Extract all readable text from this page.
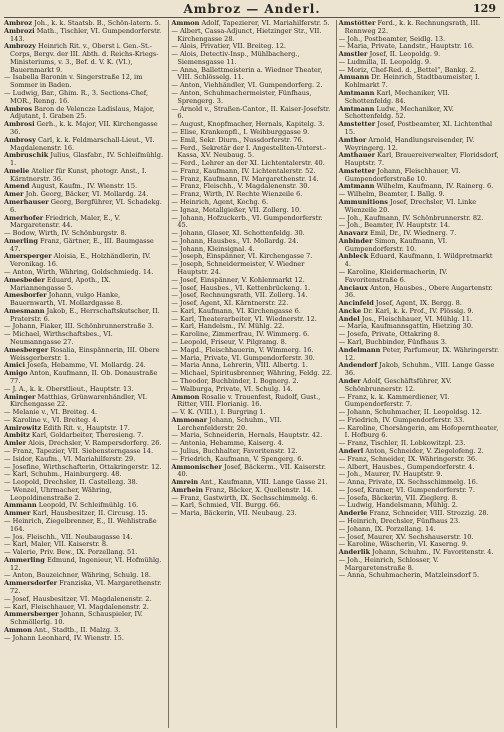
Ambroz — Anderl.	129

Ambroz Joh., k. k. Staatsb. B., Schön-latern. 5.

Ambrozi Math., Tischler, VI. Gumpendorferstr. 143.

Ambrozy Heinrich Rit. v., Oberst i. Gen.-St.-Corps, Bergv. der III. Abth. d. Reichs-Kriegs-Ministeriums, v. 3., Bef. d. V. K. (VI.), Bauernmarkt 9.

— Isabella Baronin v. Singerstraße 12, im Sommer in Baden.

— Ludwig, Bar., Ghim. R., 3. Sections-Chef, MOR., Renng. 16.

Ambros Baron de Velencze Ladislaus, Major, Adjutant, I. Graben 25.

Ambrosi Gerh., k. k. Major, VII. Kirchengasse 36.

Ambrosy Carl, k. k. Feldmarschall-Lieut., VI. Magdalenenstr. 16.

Ambruschik Julius, Glasfabr., IV. Schleifmühlg. 1.

Amelie Atelier für Kunst, photogr. Anst., I. Kärntnerstr. 36.

Amend August, Kaufm., IV. Wienstr. 15.

Amer Joh. Georg, Bäcker, VI. Mollardg. 24.

Amerhauser Georg, Bergführer, VI. Schadekg. 6.

Amerhofer Friedrich, Maler, E., V. Margaretenstr. 44.

— Bodow, Wirth, IV. Schönburgstr. 8.

Amerling Franz, Gärtner, E., III. Baumgasse 47.

Amersperger Aloisia, E., Holzhändlerin, IV. Veronikag. 16.

— Anton, Wirth, Währing, Goldschmiedg. 14.

Amesbeder Eduard, Apoth., IX. Mariannengasse 5.

Amesborfer Johann, vulgo Hanke, Bauernwarth, VI. Mollardgasse 8.

Amesmann Jakob, E., Herrschaftskutscher, II. Praterstr. 6.

— Johann, Fiaker, III. Schönbrunnerstraße 3.

— Michael, Wirthschaftsbes., VI. Neumanngasse 27.

Amesberger Rosalia, Einspännerin, III. Obere Weissgerberstr. 1.

Amici Josefa, Hebamme, VI. Mollardg. 24.

Amigo Anton, Kaufmann, II. Ob. Donaustraße 77.

— J. A., k. k. Oberstlieut., Hauptstr. 13.

Aminger Matthias, Grünwarenhändler, VI. Kirchengasse 22.

— Melanie v., VI. Breiteg. 4.

— Karoline v., VI. Breiteg. 4.

Amirowitz Edith Rit. v., Hauptstr. 17.

Ambitz Karl, Goldarbeiter, Theresieng. 7.

Amler Alois, Drechsler, V. Rampersdorferg. 26.

— Franz, Tapezier, VII. Siebensterngasse 14.

— Isidor, Kaufm., VI. Mariahilferstr. 29.

— Josefine, Wirthschafterin, Ottakringerstr. 12.

— Karl, Schuhm., Hainburgerg. 48.

— Leopold, Drechsler, II. Castellezg. 38.

— Wenzel, Uhrmacher, Währing, Leopoldinenstraße 2.

Ammann Leopold, IV. Schleifmühlg. 16.

Ammer Karl, Hausbesitzer, II. Circusg. 15.

— Heinrich, Ziegelbrenner, E., II. Wehlistraße 164.

— Jos. Fleischh., VII. Neubaugasse 14.

— Karl, Maler, VII. Kaiserstr. 8.

— Valerie, Priv. Bew., IX. Porzellang. 51.

Ammerling Edmund, Ingenieur, VI. Hofmühlg. 12.

— Anton, Bauzeichner, Währing, Schulg. 18.

Ammersdorfer Franziska, VI. Margarethenstr. 72.

— Josef, Hausbesitzer, VI. Magdalenenstr. 2.

— Karl, Fleischhauer, VI. Magdalenenstr. 2.

Ammersberger Johann, Schauspieler, IV. Schmöllerlg. 10.

Ammon Ant., Stadtb., II. Malzg. 3.

— Johann Leonhard, IV. Wienstr. 15.

Ammon Adolf, Tapezierer, VI. Mariahilferstr. 5.

— Albert, Cassa-Adjunct, Hietzinger Str., VII. Kirchengasse 28.

— Alois, Privatier, VII. Breiteg. 12.

— Alois, Detectiv-Insp., Mühlbacherg., Siemensgasse 11.

— Anna, Ballettmeisterin a. Wiedner Theater, VIII. Schlösselg. 11.

— Anton, Viehhändler, VI. Gumpendorferg. 2.

— Anton, Schuhmachermeister, Fünfhaus, Sprengerg. 3.

— Arnold v., Straßen-Cantor., II. Kaiser-Josefstr. 6.

— August, Knopfmacher, Hernals, Kapitelg. 3.

— Elise, Krankenpfl., I. Weihburggasse 9.

— Emil, Sekr. Diurn., Nussdorferstr. 76.

— Ferd., Sekretär der I. Angestellten-Unterst.-Kassa, XV. Neubaug. 5.

— Ferd., Lehrer an der XI. Lichtentalerstr. 40.

— Franz, Kaufmann, IV. Lichtentalerstr. 52.

— Franz, Kaufmann, IV. Margarethenstr. 14.

— Franz, Fleischh., V. Magdalenenstr. 30.

— Franz, Wirth, IV. Rechte Wienzeile 6.

— Heinrich, Agent, Kochg. 6.

— Ignaz, Metallgießer, VII. Zollerg. 10.

— Johann, Hofzuckerb., VI. Gumpendorferstr. 45.

— Johann, Glaser, XI. Schottenfeldg. 30.

— Johann, Hausbes., VI. Mollardg. 24.

— Johann, Kleinsignal. 4.

— Joseph, Einspänner, VI. Kirchengasse 7.

— Joseph, Schneidermeister, V. Wiedner Hauptstr. 24.

— Josef, Einspänner, V. Kohlenmarkt 12.

— Josef, Hausbes., VI. Kettenbrückeng. 1.

— Josef, Rechnungsrath, VII. Zollerg. 14.

— Josef, Agent, XI. Kärntnerstr. 22.

— Karl, Kaufmann, VI. Kirchengasse 6.

— Karl, Theaterarbeiter, VI. Wiednerstr. 12.

— Karl, Handelsm., IV. Mühlg. 22.

— Karoline, Zimmerfrau, IV. Wimmerg. 6.

— Leopold, Friseur, V. Pilgramg. 8.

— Magd., Fleischhauerin, V. Wimmerg. 16.

— Maria, Private, VI. Gumpendorferstr. 30.

— Maria Anna, Lehrerin, VIII. Albertg. 1.

— Michael, Spiritusbrenner, Währing, Feldg. 22.

— Theodor, Buchbinder, I. Bognerg. 2.

— Walburga, Private, VI. Schulg. 14.

Ammon Rosalie v. Trauenfest, Rudolf, Gust., Ritter, VIII. Florianig. 16.

— V. K. (VIII.), I. Burgring 1.

Ammonar Johann, Schuhm., VII. Lerchenfelderstr. 20.

— Maria, Schneiderin, Hernals, Hauptstr. 42.

— Antonia, Hebamme, Kaiserg. 4.

— Julius, Buchhalter, Favoritenstr. 12.

— Friedrich, Kaufmann, V. Spengerg. 6.

Ammonischer Josef, Bäckerm., VII. Kaiserstr. 40.

Amrein Ant., Kaufmann, VIII. Lange Gasse 21.

Amrhein Franz, Bäcker, X. Quellenstr. 14.

— Franz, Gastwirth, IX. Sechsschimmelg. 6.

— Karl, Schmied, VII. Burgg. 66.

— Maria, Bäckerin, VII. Neubaug. 23.

Amstötter Ferd., k. k. Rechnungsrath, III. Rennweg 22.

— Joh., Postbeamter, Seidlg. 13.

— Maria, Private, Landstr., Hauptstr. 16.

Amstler Josef, II. Leopoldg. 9.

— Ludmilla, II. Leopoldg. 9.

— Moriz, Chef-Red. d. „Bettel“, Bankg. 2.

Amuann Dr. Heinrich, Stadtbaumeister, I. Kohlmarkt 7.

Amtmann Karl, Mechaniker, VII. Schottenfeldg. 84.

Amtmann Ludw., Mechaniker, XV. Schottenfeldg. 52.

Amstetter Josef, Postbeamter, XI. Lichtenthal 15.

Amthor Arnold, Handlungsreisender, IV. Weyringerg. 12.

Amthauer Karl, Brauereiverwalter, Floridsdorf, Hauptstr. 7.

Amstetter Johann, Fleischhauer, VI. Gumpendorferstraße 10.

Amtmann Wilhelm, Kaufmann, IV. Rainerg. 6.

— Wilhelm, Beamter, I. Ballg. 9.

Ammunitions Josef, Drechsler, VI. Linke Wienzeile 20.

— Joh., Kaufmann, IV. Schönbrunnerstr. 82.

— Joh., Beamter, IV. Hauptstr. 14.

Anavarz Emil, Dr., IV. Wiednerg. 7.

Anbinder Simon, Kaufmann, VI. Gumpendorferstr. 10.

Anbleck Eduard, Kaufmann, I. Wildpretmarkt 4.

— Karoline, Kleidermacherin, IV. Favoritenstraße 6.

Anciaux Anton, Hausbes., Obere Augartenstr. 36.

Ancinfeld Josef, Agent, IX. Bergg. 8.

Ancke Dr. Karl, k. k. Prof., IV. Plösslg. 9.

Andel Jos., Fleischhauer, VI. Mühlg. 11.

— Maria, Kaufmannsgattin, Hietzing 30.

— Josefa, Private, Ottakring 8.

— Karl, Buchbinder, Fünfhaus 3.

Andelmann Peter, Parfumeur, IX. Währingerstr. 12.

Andendorf Jakob, Schuhm., VIII. Lange Gasse 36.

Ander Adolf, Geschäftsführer, XV. Schönbrunnerstr. 12.

— Franz, k. k. Kammerdiener, VI. Gumpendorferstr. 7.

— Johann, Schuhmacher, II. Leopoldsg. 12.

— Friedrich, IV. Gumpendorferstr. 33.

— Karoline, Chorsängerin, am Hofoperntheater, I. Hofburg 6.

— Franz, Tischler, II. Lobkowitzpl. 23.

Anderl Anton, Schneider, V. Ziegelofeng. 2.

— Franz, Schneider, IX. Währingerstr. 36.

— Albert, Hausbes., Gumpendorferstr. 4.

— Joh., Maurer, IV. Hauptstr. 9.

— Anna, Private, IX. Sechsschimmelg. 16.

— Josef, Kramer, VI. Gumpendorferstr. 7.

— Josefa, Bäckerin, VII. Zieglerg. 8.

— Ludwig, Handelsmann, Mühlg. 2.

Anderle Franz, Schneider, VIII. Strozzig. 28.

— Heinrich, Drechsler, Fünfhaus 23.

— Johann, IX. Porzellang. 14.

— Josef, Maurer, XV. Sechshauserstr. 10.

— Karoline, Wäscherin, VI. Kaserng. 9.

Anderlik Johann, Schuhm., IV. Favoritenstr. 4.

— Joh., Heinrich, Schlosser, V. Margaretenstraße 8.

— Anna, Schuhmacherin, Matzleinsdorf 5.
